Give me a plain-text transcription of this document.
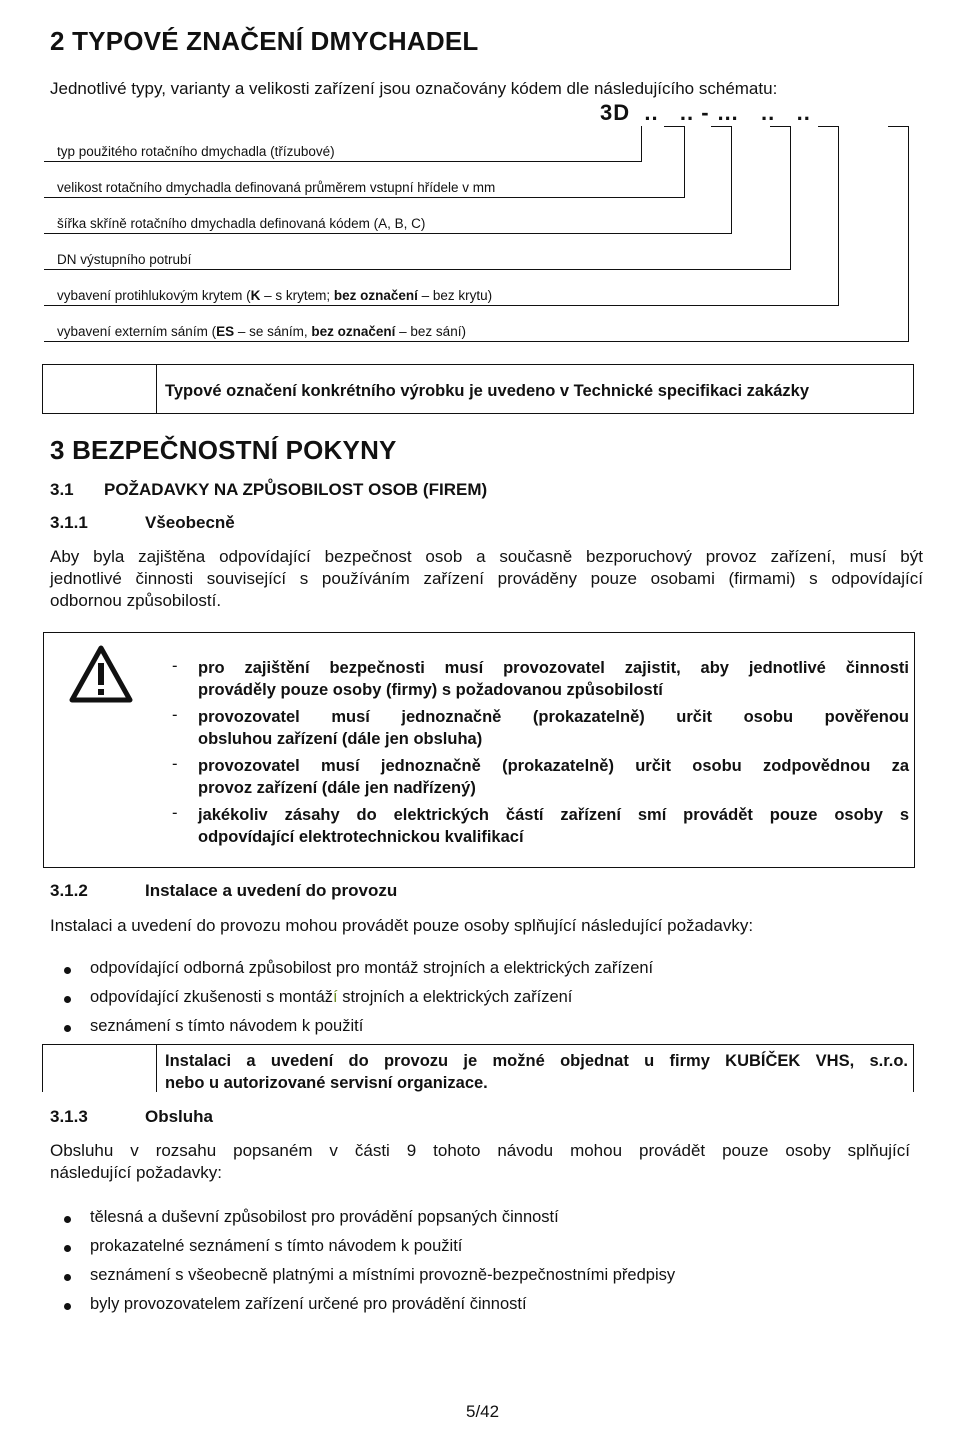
2 TYPOVÉ ZNAČENÍ DMYCHADEL
Jednotlivé typy, varianty a velikosti zařízení jsou označovány kódem dle následujícího schématu:
3D  ..   .. - …   ..   ..
typ použitého rotačního dmychadla (třízubové)
velikost rotačního dmychadla definovaná průměrem vstupní hřídele v mm
šířka skříně rotačního dmychadla definovaná kódem (A, B, C)
DN výstupního potrubí
vybavení protihlukovým krytem (K – s krytem; bez označení – bez krytu)
vybavení externím sáním (ES – se sáním, bez označení – bez sání)
Typové označení konkrétního výrobku je uvedeno v Technické specifikaci zakázky
3 BEZPEČNOSTNÍ POKYNY
3.1 POŽADAVKY NA ZPŮSOBILOST OSOB (FIREM)
3.1.1	Všeobecně
Aby byla zajištěna odpovídající bezpečnost osob a současně bezporuchový provoz zařízení, musí být
jednotlivé činnosti související s používáním zařízení prováděny pouze osobami (firmami) s odpovídající
odbornou způsobilostí.
- pro zajištění bezpečnosti musí provozovatel zajistit, aby jednotlivé činnosti
prováděly pouze osoby (firmy) s požadovanou způsobilostí
- provozovatel musí jednoznačně (prokazatelně) určit osobu pověřenou
obsluhou zařízení (dále jen obsluha)
- provozovatel musí jednoznačně (prokazatelně) určit osobu zodpovědnou za
provoz zařízení (dále jen nadřízený)
- jakékoliv zásahy do elektrických částí zařízení smí provádět pouze osoby s
odpovídající elektrotechnickou kvalifikací
3.1.2	Instalace a uvedení do provozu
Instalaci a uvedení do provozu mohou provádět pouze osoby splňující následující požadavky:
odpovídající odborná způsobilost pro montáž strojních a elektrických zařízení
odpovídající zkušenosti s montáží strojních a elektrických zařízení
seznámení s tímto návodem k použití
Instalaci a uvedení do provozu je možné objednat u firmy KUBÍČEK VHS, s.r.o.
nebo u autorizované servisní organizace.
3.1.3	Obsluha
Obsluhu v rozsahu popsaném v části 9 tohoto návodu mohou provádět pouze osoby splňující
následující požadavky:
tělesná a duševní způsobilost pro provádění popsaných činností
prokazatelné seznámení s tímto návodem k použití
seznámení s všeobecně platnými a místními provozně-bezpečnostními předpisy
byly provozovatelem zařízení určené pro provádění činností
5/42
